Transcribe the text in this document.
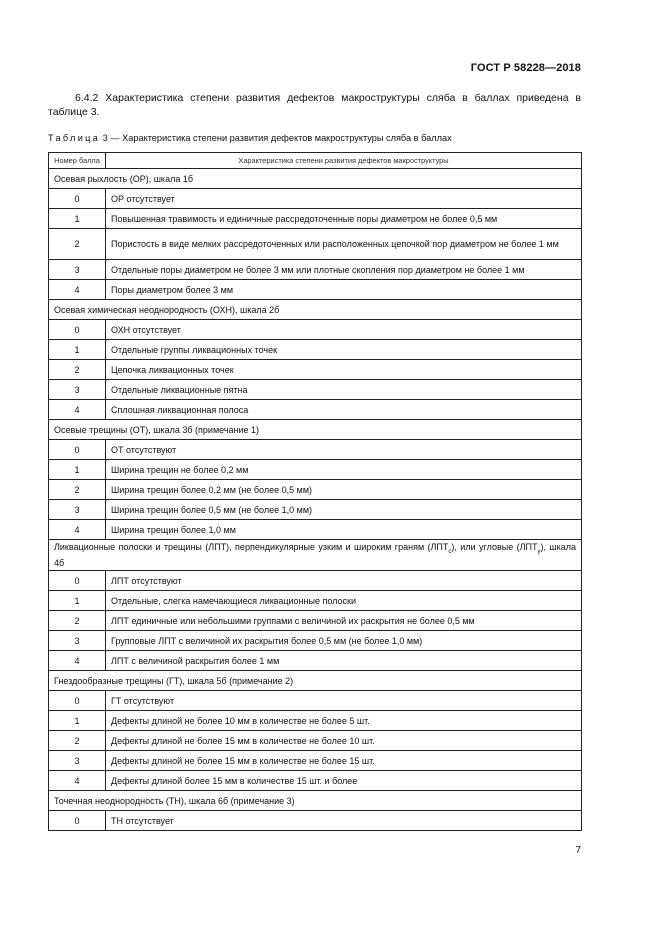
ГОСТ Р 58228—2018
6.4.2 Характеристика степени развития дефектов макроструктуры сляба в баллах приведена в таблице 3.
Таблица 3 — Характеристика степени развития дефектов макроструктуры сляба в баллах
Номер балла	Характеристика степени развития дефектов макроструктуры
Осевая рыхлость (ОР), шкала 1б	
0	ОР отсутствует
1	Повышенная травимость и единичные рассредоточенные поры диаметром не более 0,5 мм
2	Пористость в виде мелких рассредоточенных или расположенных цепочкой пор диаметром не более 1 мм
3	Отдельные поры диаметром не более 3 мм или плотные скопления пор диаметром не более 1 мм
4	Поры диаметром более 3 мм
Осевая химическая неоднородность (ОХН), шкала 2б	
0	ОХН отсутствует
1	Отдельные группы ликвационных точек
2	Цепочка ликвационных точек
3	Отдельные ликвационные пятна
4	Сплошная ликвационная полоса
Осевые трещины (ОТ), шкала 3б (примечание 1)	
0	ОТ отсутствуют
1	Ширина трещин не более 0,2 мм
2	Ширина трещин более 0,2 мм (не более 0,5 мм)
3	Ширина трещин более 0,5 мм (не более 1,0 мм)
4	Ширина трещин более 1,0 мм
Ликвационные полоски и трещины (ЛПТ), перпендикулярные узким и широким граням $(ЛПТ_с)$, или угловые $(ЛПТ_у)$, шкала 4б	
0	ЛПТ отсутствуют
1	Отдельные, слегка намечающиеся ликвационные полоски
2	ЛПТ единичные или небольшими группами с величиной их раскрытия не более 0,5 мм
3	Групповые ЛПТ с величиной их раскрытия более 0,5 мм (не более 1,0 мм)
4	ЛПТ с величиной раскрытия более 1 мм
Гнездообразные трещины (ГТ), шкала 5б (примечание 2)	
0	ГТ отсутствуют
1	Дефекты длиной не более 10 мм в количестве не более 5 шт.
2	Дефекты длиной не более 15 мм в количестве не более 10 шт.
3	Дефекты длиной не более 15 мм в количестве не более 15 шт.
4	Дефекты длиной более 15 мм в количестве 15 шт. и более
Точечная неоднородность (ТН), шкала 6б (примечание 3)	
0	ТН отсутствует
7
